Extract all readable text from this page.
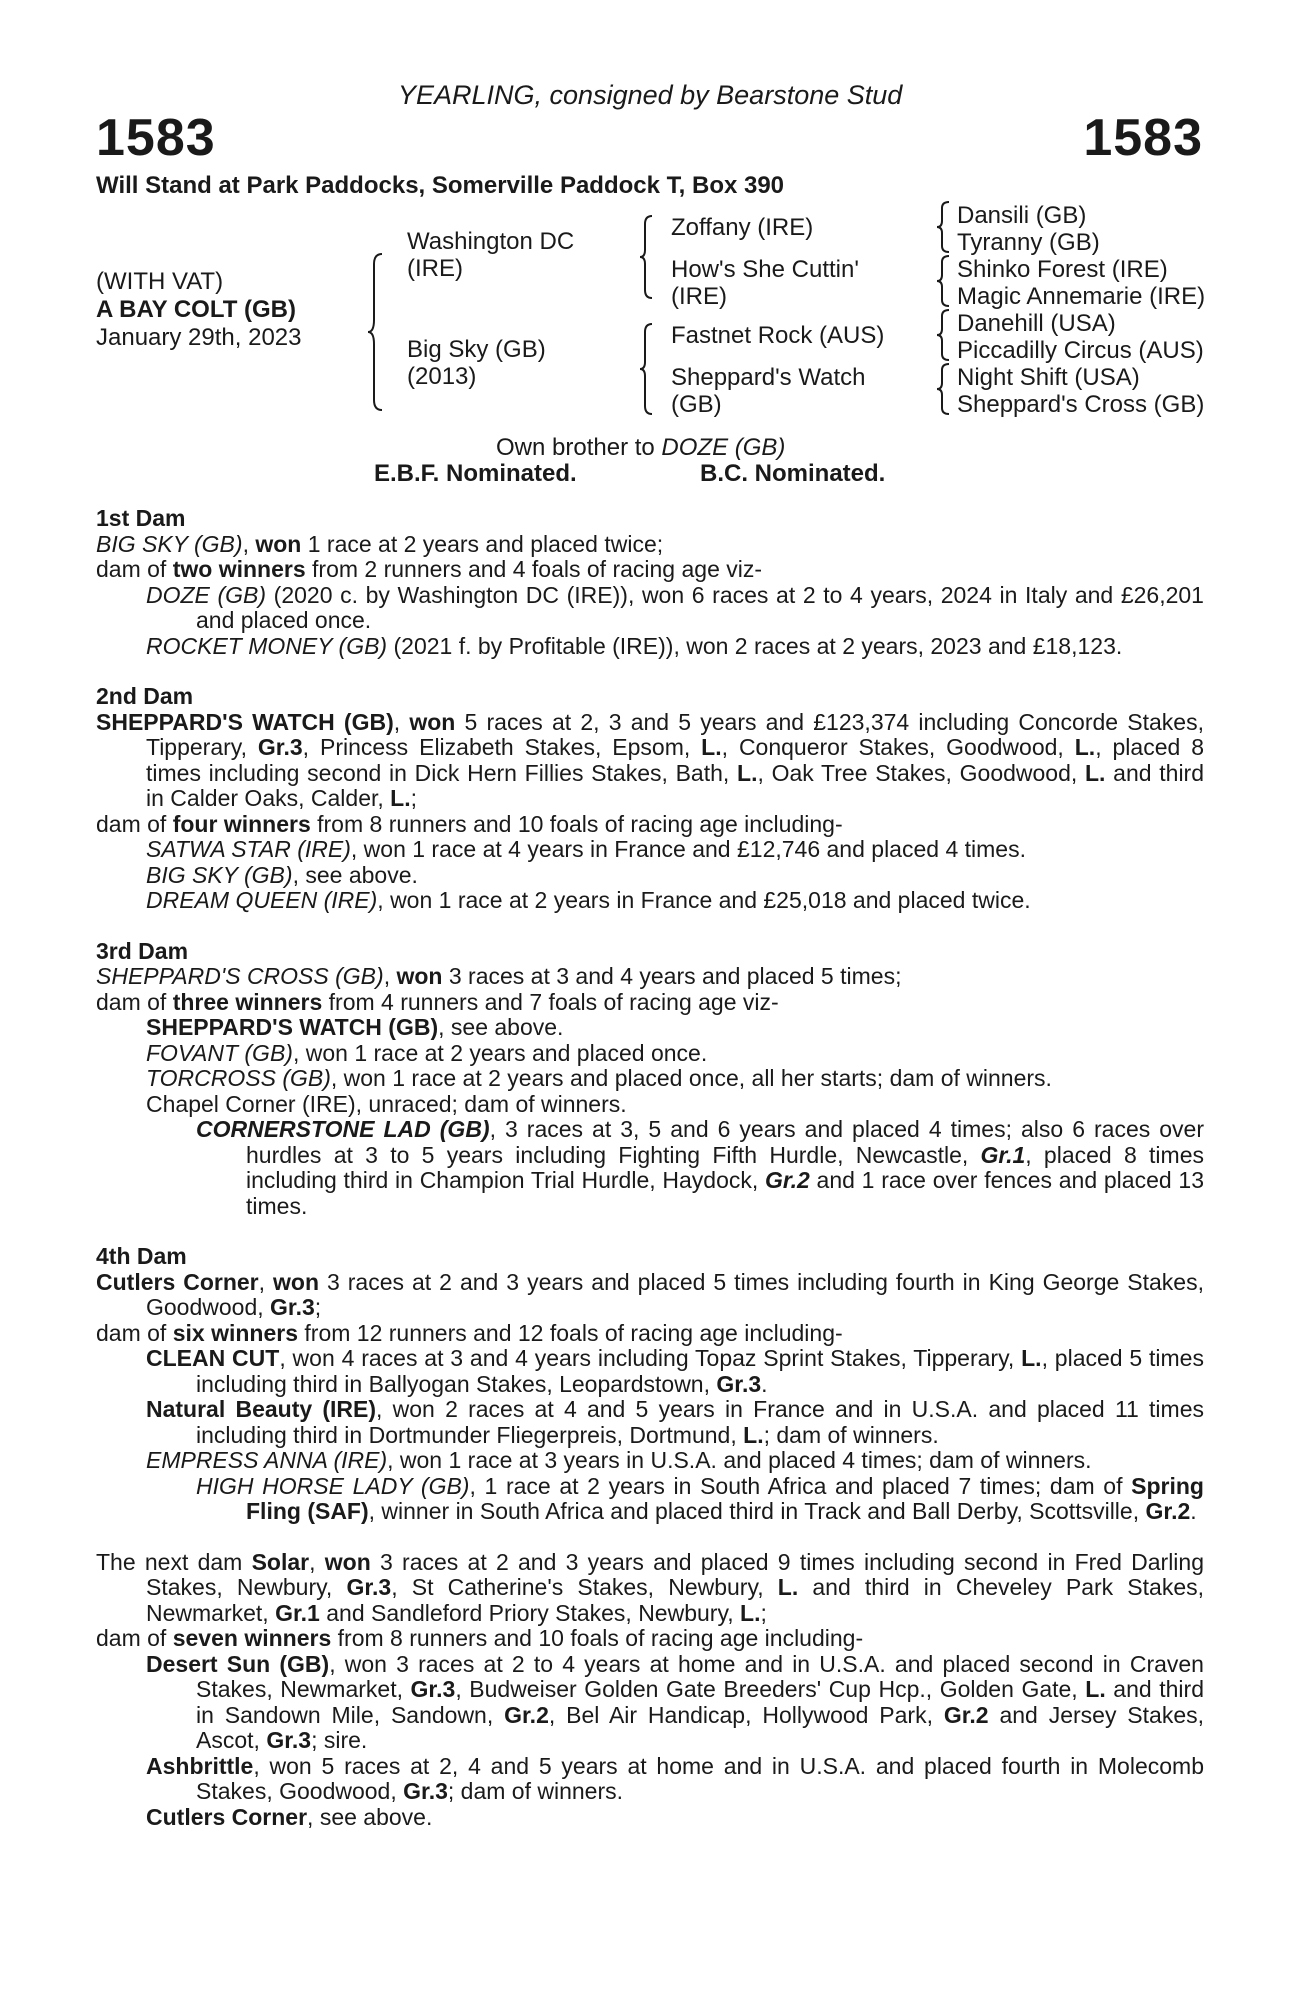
YEARLING, consigned by Bearstone Stud
1583	1583
Will Stand at Park Paddocks, Somerville Paddock T, Box 390
(WITH VAT)
A BAY COLT (GB)
January 29th, 2023
Washington DC (IRE)
Big Sky (GB) (2013)
Zoffany (IRE)
How's She Cuttin' (IRE)
Fastnet Rock (AUS)
Sheppard's Watch (GB)
Dansili (GB)
Tyranny (GB)
Shinko Forest (IRE)
Magic Annemarie (IRE)
Danehill (USA)
Piccadilly Circus (AUS)
Night Shift (USA)
Sheppard's Cross (GB)
Own brother to DOZE (GB)
E.B.F. Nominated.	B.C. Nominated.
1st Dam
BIG SKY (GB), won 1 race at 2 years and placed twice;
dam of two winners from 2 runners and 4 foals of racing age viz-
DOZE (GB) (2020 c. by Washington DC (IRE)), won 6 races at 2 to 4 years, 2024 in Italy and £26,201 and placed once.
ROCKET MONEY (GB) (2021 f. by Profitable (IRE)), won 2 races at 2 years, 2023 and £18,123.
2nd Dam
SHEPPARD'S WATCH (GB), won 5 races at 2, 3 and 5 years and £123,374 including Concorde Stakes, Tipperary, Gr.3, Princess Elizabeth Stakes, Epsom, L., Conqueror Stakes, Goodwood, L., placed 8 times including second in Dick Hern Fillies Stakes, Bath, L., Oak Tree Stakes, Goodwood, L. and third in Calder Oaks, Calder, L.;
dam of four winners from 8 runners and 10 foals of racing age including-
SATWA STAR (IRE), won 1 race at 4 years in France and £12,746 and placed 4 times.
BIG SKY (GB), see above.
DREAM QUEEN (IRE), won 1 race at 2 years in France and £25,018 and placed twice.
3rd Dam
SHEPPARD'S CROSS (GB), won 3 races at 3 and 4 years and placed 5 times;
dam of three winners from 4 runners and 7 foals of racing age viz-
SHEPPARD'S WATCH (GB), see above.
FOVANT (GB), won 1 race at 2 years and placed once.
TORCROSS (GB), won 1 race at 2 years and placed once, all her starts; dam of winners.
Chapel Corner (IRE), unraced; dam of winners.
CORNERSTONE LAD (GB), 3 races at 3, 5 and 6 years and placed 4 times; also 6 races over hurdles at 3 to 5 years including Fighting Fifth Hurdle, Newcastle, Gr.1, placed 8 times including third in Champion Trial Hurdle, Haydock, Gr.2 and 1 race over fences and placed 13 times.
4th Dam
Cutlers Corner, won 3 races at 2 and 3 years and placed 5 times including fourth in King George Stakes, Goodwood, Gr.3;
dam of six winners from 12 runners and 12 foals of racing age including-
CLEAN CUT, won 4 races at 3 and 4 years including Topaz Sprint Stakes, Tipperary, L., placed 5 times including third in Ballyogan Stakes, Leopardstown, Gr.3.
Natural Beauty (IRE), won 2 races at 4 and 5 years in France and in U.S.A. and placed 11 times including third in Dortmunder Fliegerpreis, Dortmund, L.; dam of winners.
EMPRESS ANNA (IRE), won 1 race at 3 years in U.S.A. and placed 4 times; dam of winners.
HIGH HORSE LADY (GB), 1 race at 2 years in South Africa and placed 7 times; dam of Spring Fling (SAF), winner in South Africa and placed third in Track and Ball Derby, Scottsville, Gr.2.
The next dam Solar, won 3 races at 2 and 3 years and placed 9 times including second in Fred Darling Stakes, Newbury, Gr.3, St Catherine's Stakes, Newbury, L. and third in Cheveley Park Stakes, Newmarket, Gr.1 and Sandleford Priory Stakes, Newbury, L.;
dam of seven winners from 8 runners and 10 foals of racing age including-
Desert Sun (GB), won 3 races at 2 to 4 years at home and in U.S.A. and placed second in Craven Stakes, Newmarket, Gr.3, Budweiser Golden Gate Breeders' Cup Hcp., Golden Gate, L. and third in Sandown Mile, Sandown, Gr.2, Bel Air Handicap, Hollywood Park, Gr.2 and Jersey Stakes, Ascot, Gr.3; sire.
Ashbrittle, won 5 races at 2, 4 and 5 years at home and in U.S.A. and placed fourth in Molecomb Stakes, Goodwood, Gr.3; dam of winners.
Cutlers Corner, see above.
